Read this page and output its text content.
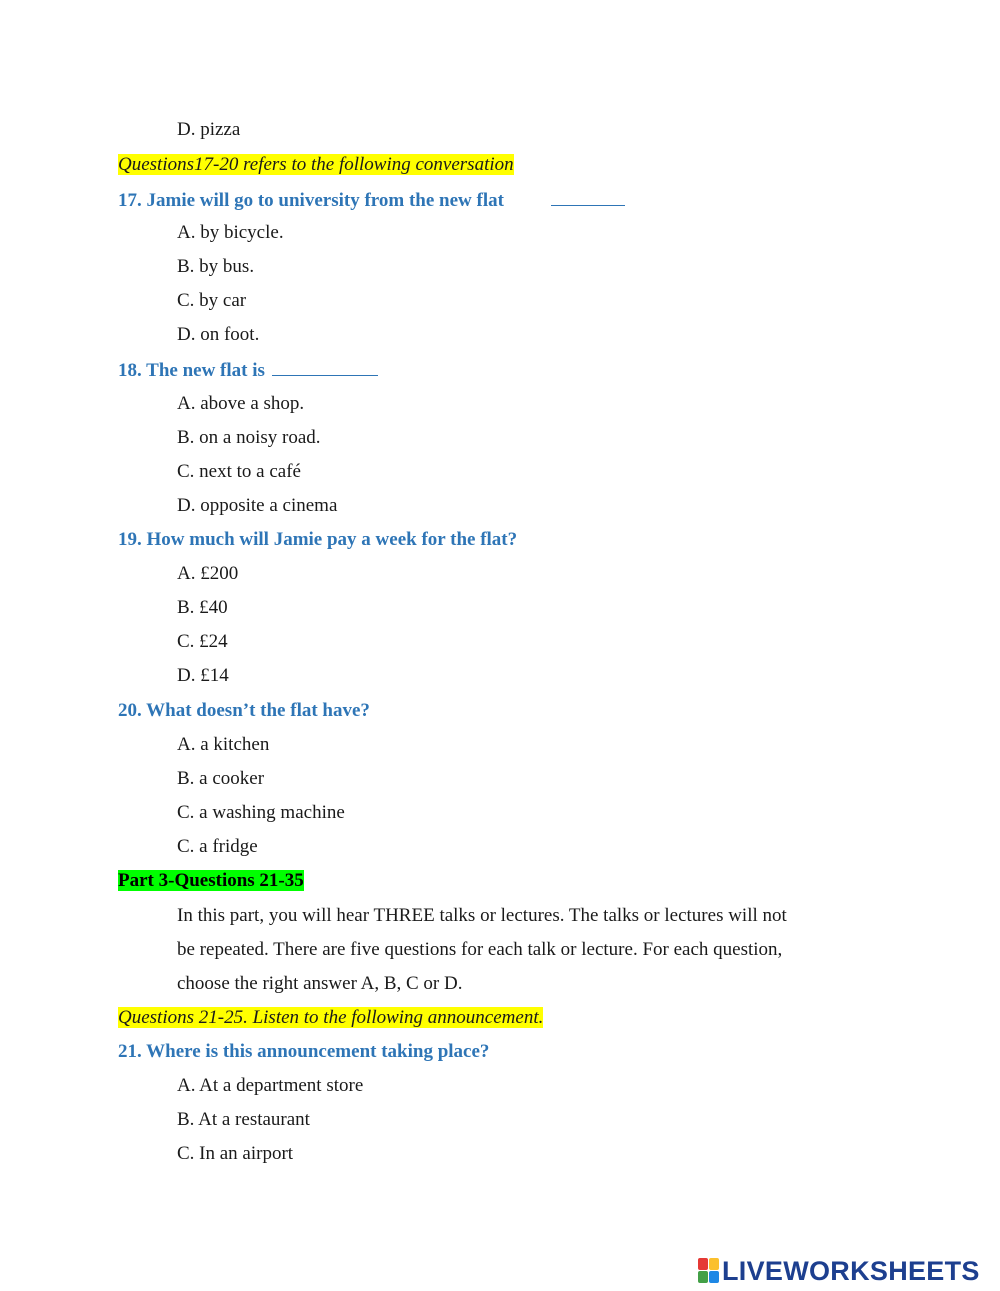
D. pizza
Questions17-20 refers to the following conversation
17. Jamie will go to university from the new flat
A. by bicycle.
B. by bus.
C. by car
D. on foot.
18. The new flat is
A. above a shop.
B. on a noisy road.
C. next to a café
D. opposite a cinema
19. How much will Jamie pay a week for the flat?
A. £200
B. £40
C. £24
D. £14
20. What doesn’t the flat have?
A. a kitchen
B. a cooker
C. a washing machine
C. a fridge
Part 3-Questions 21-35
In this part, you will hear THREE talks or lectures. The talks or lectures will not
be repeated. There are five questions for each talk or lecture. For each question,
choose the right answer A, B, C or D.
Questions 21-25. Listen to the following announcement.
21. Where is this announcement taking place?
A. At a department store
B. At a restaurant
C. In an airport
LIVEWORKSHEETS
